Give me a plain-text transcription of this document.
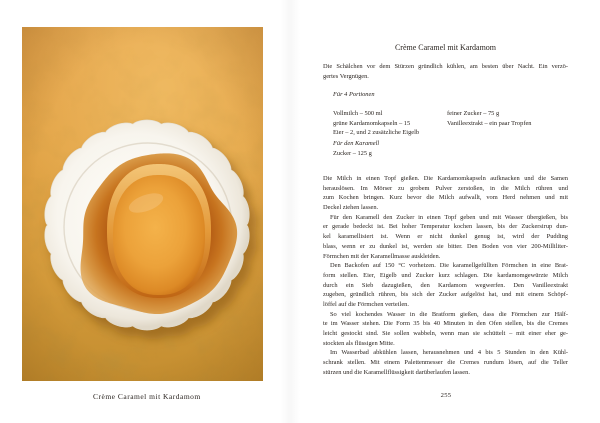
Crème Caramel mit Kardamom	255
Crème Caramel mit Kardamom
Die Schälchen vor dem Stürzen gründlich kühlen, am besten über Nacht. Ein verzö-
gertes Vergnügen.
Für 4 Portionen
Vollmilch – 500 ml
grüne Kardamomkapseln – 15
Eier – 2, und 2 zusätzliche Eigelb
feiner Zucker – 75 g
Vanilleextrakt – ein paar Tropfen
Für den Karamell
Zucker – 125 g
Die Milch in einen Topf gießen. Die Kardamomkapseln aufknacken und die Samen
herauslösen. Im Mörser zu grobem Pulver zerstoßen, in die Milch rühren und
zum Kochen bringen. Kurz bevor die Milch aufwallt, vom Herd nehmen und mit
Deckel ziehen lassen.
Für den Karamell den Zucker in einen Topf geben und mit Wasser übergießen, bis
er gerade bedeckt ist. Bei hoher Temperatur kochen lassen, bis der Zuckersirup dun-
kel karamellisiert ist. Wenn er nicht dunkel genug ist, wird der Pudding
blass, wenn er zu dunkel ist, werden sie bitter. Den Boden von vier 200-Milliliter-
Förmchen mit der Karamellmasse auskleiden.
Den Backofen auf 150 °C vorheizen. Die karamellgefüllten Förmchen in eine Brat-
form stellen. Eier, Eigelb und Zucker kurz schlagen. Die kardamomgewürzte Milch
durch ein Sieb dazugießen, den Kardamom wegwerfen. Den Vanilleextrakt
zugeben, gründlich rühren, bis sich der Zucker aufgelöst hat, und mit einem Schöpf-
löffel auf die Förmchen verteilen.
So viel kochendes Wasser in die Bratform gießen, dass die Förmchen zur Hälf-
te im Wasser stehen. Die Form 35 bis 40 Minuten in den Ofen stellen, bis die Cremes
leicht gestockt sind. Sie sollen wabbeln, wenn man sie schüttelt – mit einer eher ge-
stockten als flüssigen Mitte.
Im Wasserbad abkühlen lassen, herausnehmen und 4 bis 5 Stunden in den Kühl-
schrank stellen. Mit einem Palettenmesser die Cremes rundum lösen, auf die Teller
stürzen und die Karamellflüssigkeit darüberlaufen lassen.
